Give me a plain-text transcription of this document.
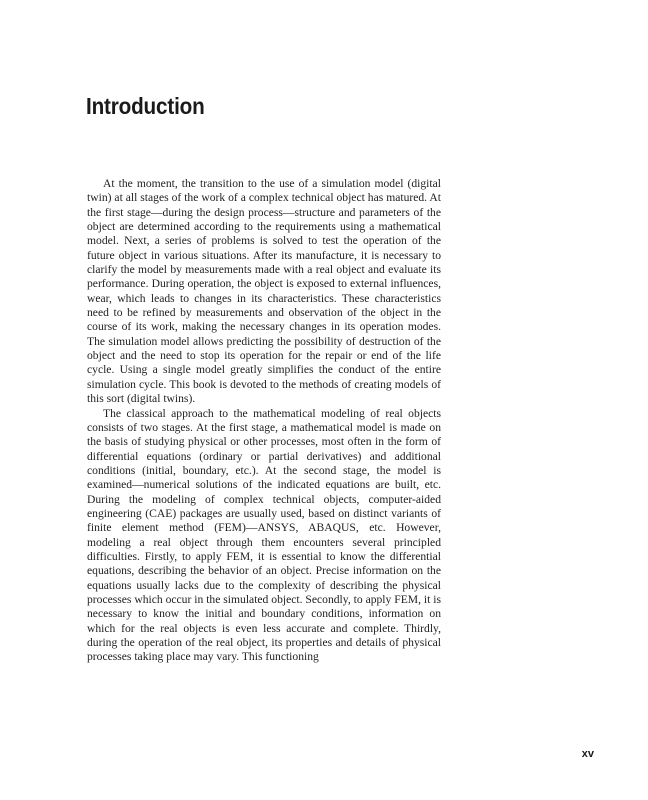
Introduction

At the moment, the transition to the use of a simulation model (digital twin) at all stages of the work of a complex technical object has matured. At the first stage—during the design process—structure and parameters of the object are determined according to the requirements using a mathematical model. Next, a series of problems is solved to test the operation of the future object in various situations. After its manufacture, it is necessary to clarify the model by measurements made with a real object and evaluate its performance. During operation, the object is exposed to external influences, wear, which leads to changes in its characteristics. These characteristics need to be refined by measurements and observation of the object in the course of its work, making the necessary changes in its operation modes. The simulation model allows predicting the possibility of destruction of the object and the need to stop its operation for the repair or end of the life cycle. Using a single model greatly simplifies the conduct of the entire simulation cycle. This book is devoted to the methods of creating models of this sort (digital twins).

The classical approach to the mathematical modeling of real objects consists of two stages. At the first stage, a mathematical model is made on the basis of studying physical or other processes, most often in the form of differential equations (ordinary or partial derivatives) and additional conditions (initial, boundary, etc.). At the second stage, the model is examined—numerical solutions of the indicated equations are built, etc. During the modeling of complex technical objects, computer-aided engineering (CAE) packages are usually used, based on distinct variants of finite element method (FEM)—ANSYS, ABAQUS, etc. However, modeling a real object through them encounters several principled difficulties. Firstly, to apply FEM, it is essential to know the differential equations, describing the behavior of an object. Precise information on the equations usually lacks due to the complexity of describing the physical processes which occur in the simulated object. Secondly, to apply FEM, it is necessary to know the initial and boundary conditions, information on which for the real objects is even less accurate and complete. Thirdly, during the operation of the real object, its properties and details of physical processes taking place may vary. This functioning

xv
